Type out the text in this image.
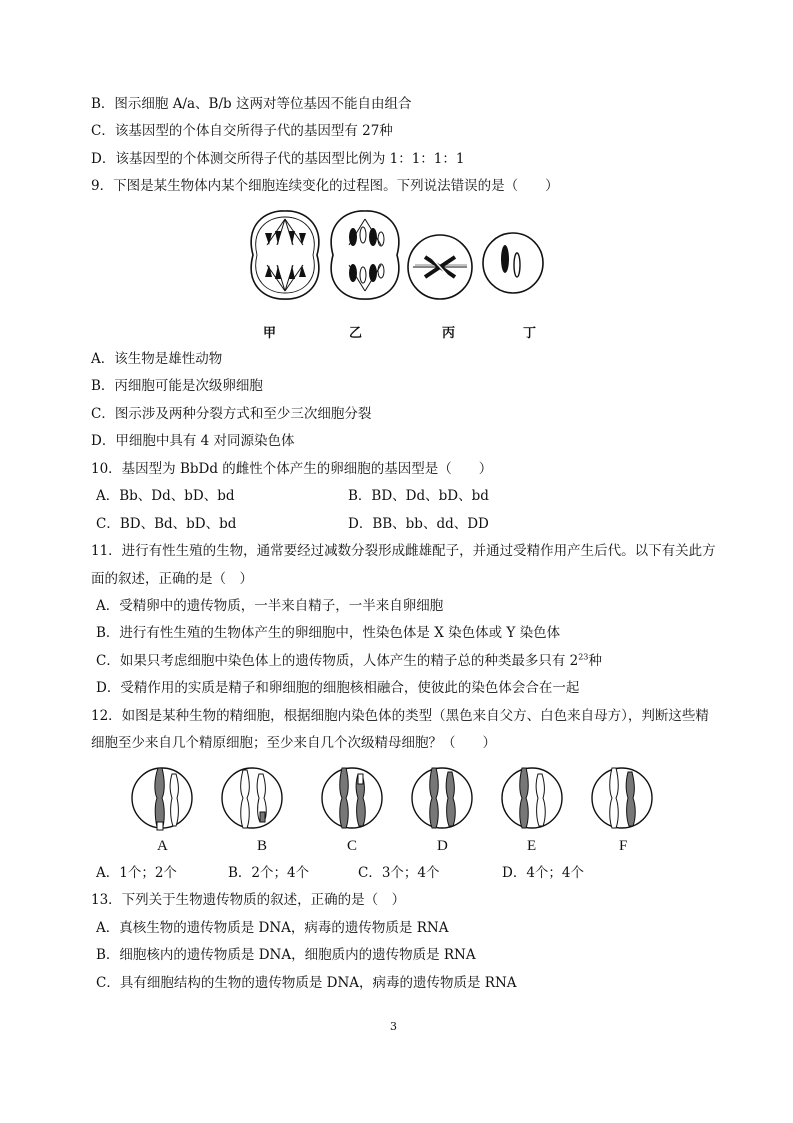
B．图示细胞 A/a、B/b 这两对等位基因不能自由组合
C．该基因型的个体自交所得子代的基因型有 27种
D．该基因型的个体测交所得子代的基因型比例为 1：1：1：1
9．下图是某生物体内某个细胞连续变化的过程图。下列说法错误的是（　　）
甲	乙	丙	丁
A．该生物是雄性动物
B．丙细胞可能是次级卵细胞
C．图示涉及两种分裂方式和至少三次细胞分裂
D．甲细胞中具有 4 对同源染色体
10．基因型为 BbDd 的雌性个体产生的卵细胞的基因型是（　　）
A．Bb、Dd、bD、bd	B．BD、Dd、bD、bd
C．BD、Bd、bD、bd	D．BB、bb、dd、DD
11．进行有性生殖的生物，通常要经过减数分裂形成雌雄配子，并通过受精作用产生后代。以下有关此方
面的叙述，正确的是（　）
A．受精卵中的遗传物质，一半来自精子，一半来自卵细胞
B．进行有性生殖的生物体产生的卵细胞中，性染色体是 X 染色体或 Y 染色体
C．如果只考虑细胞中染色体上的遗传物质，人体产生的精子总的种类最多只有 $2^{23}$种
D．受精作用的实质是精子和卵细胞的细胞核相融合，使彼此的染色体会合在一起
12．如图是某种生物的精细胞，根据细胞内染色体的类型（黑色来自父方、白色来自母方），判断这些精
细胞至少来自几个精原细胞；至少来自几个次级精母细胞？（　　）
A	B	C	D	E	F
A．1个；2个	B．2个；4个	C．3个；4个	D．4个；4个
13．下列关于生物遗传物质的叙述，正确的是（　）
A．真核生物的遗传物质是 DNA，病毒的遗传物质是 RNA
B．细胞核内的遗传物质是 DNA，细胞质内的遗传物质是 RNA
C．具有细胞结构的生物的遗传物质是 DNA，病毒的遗传物质是 RNA
3
